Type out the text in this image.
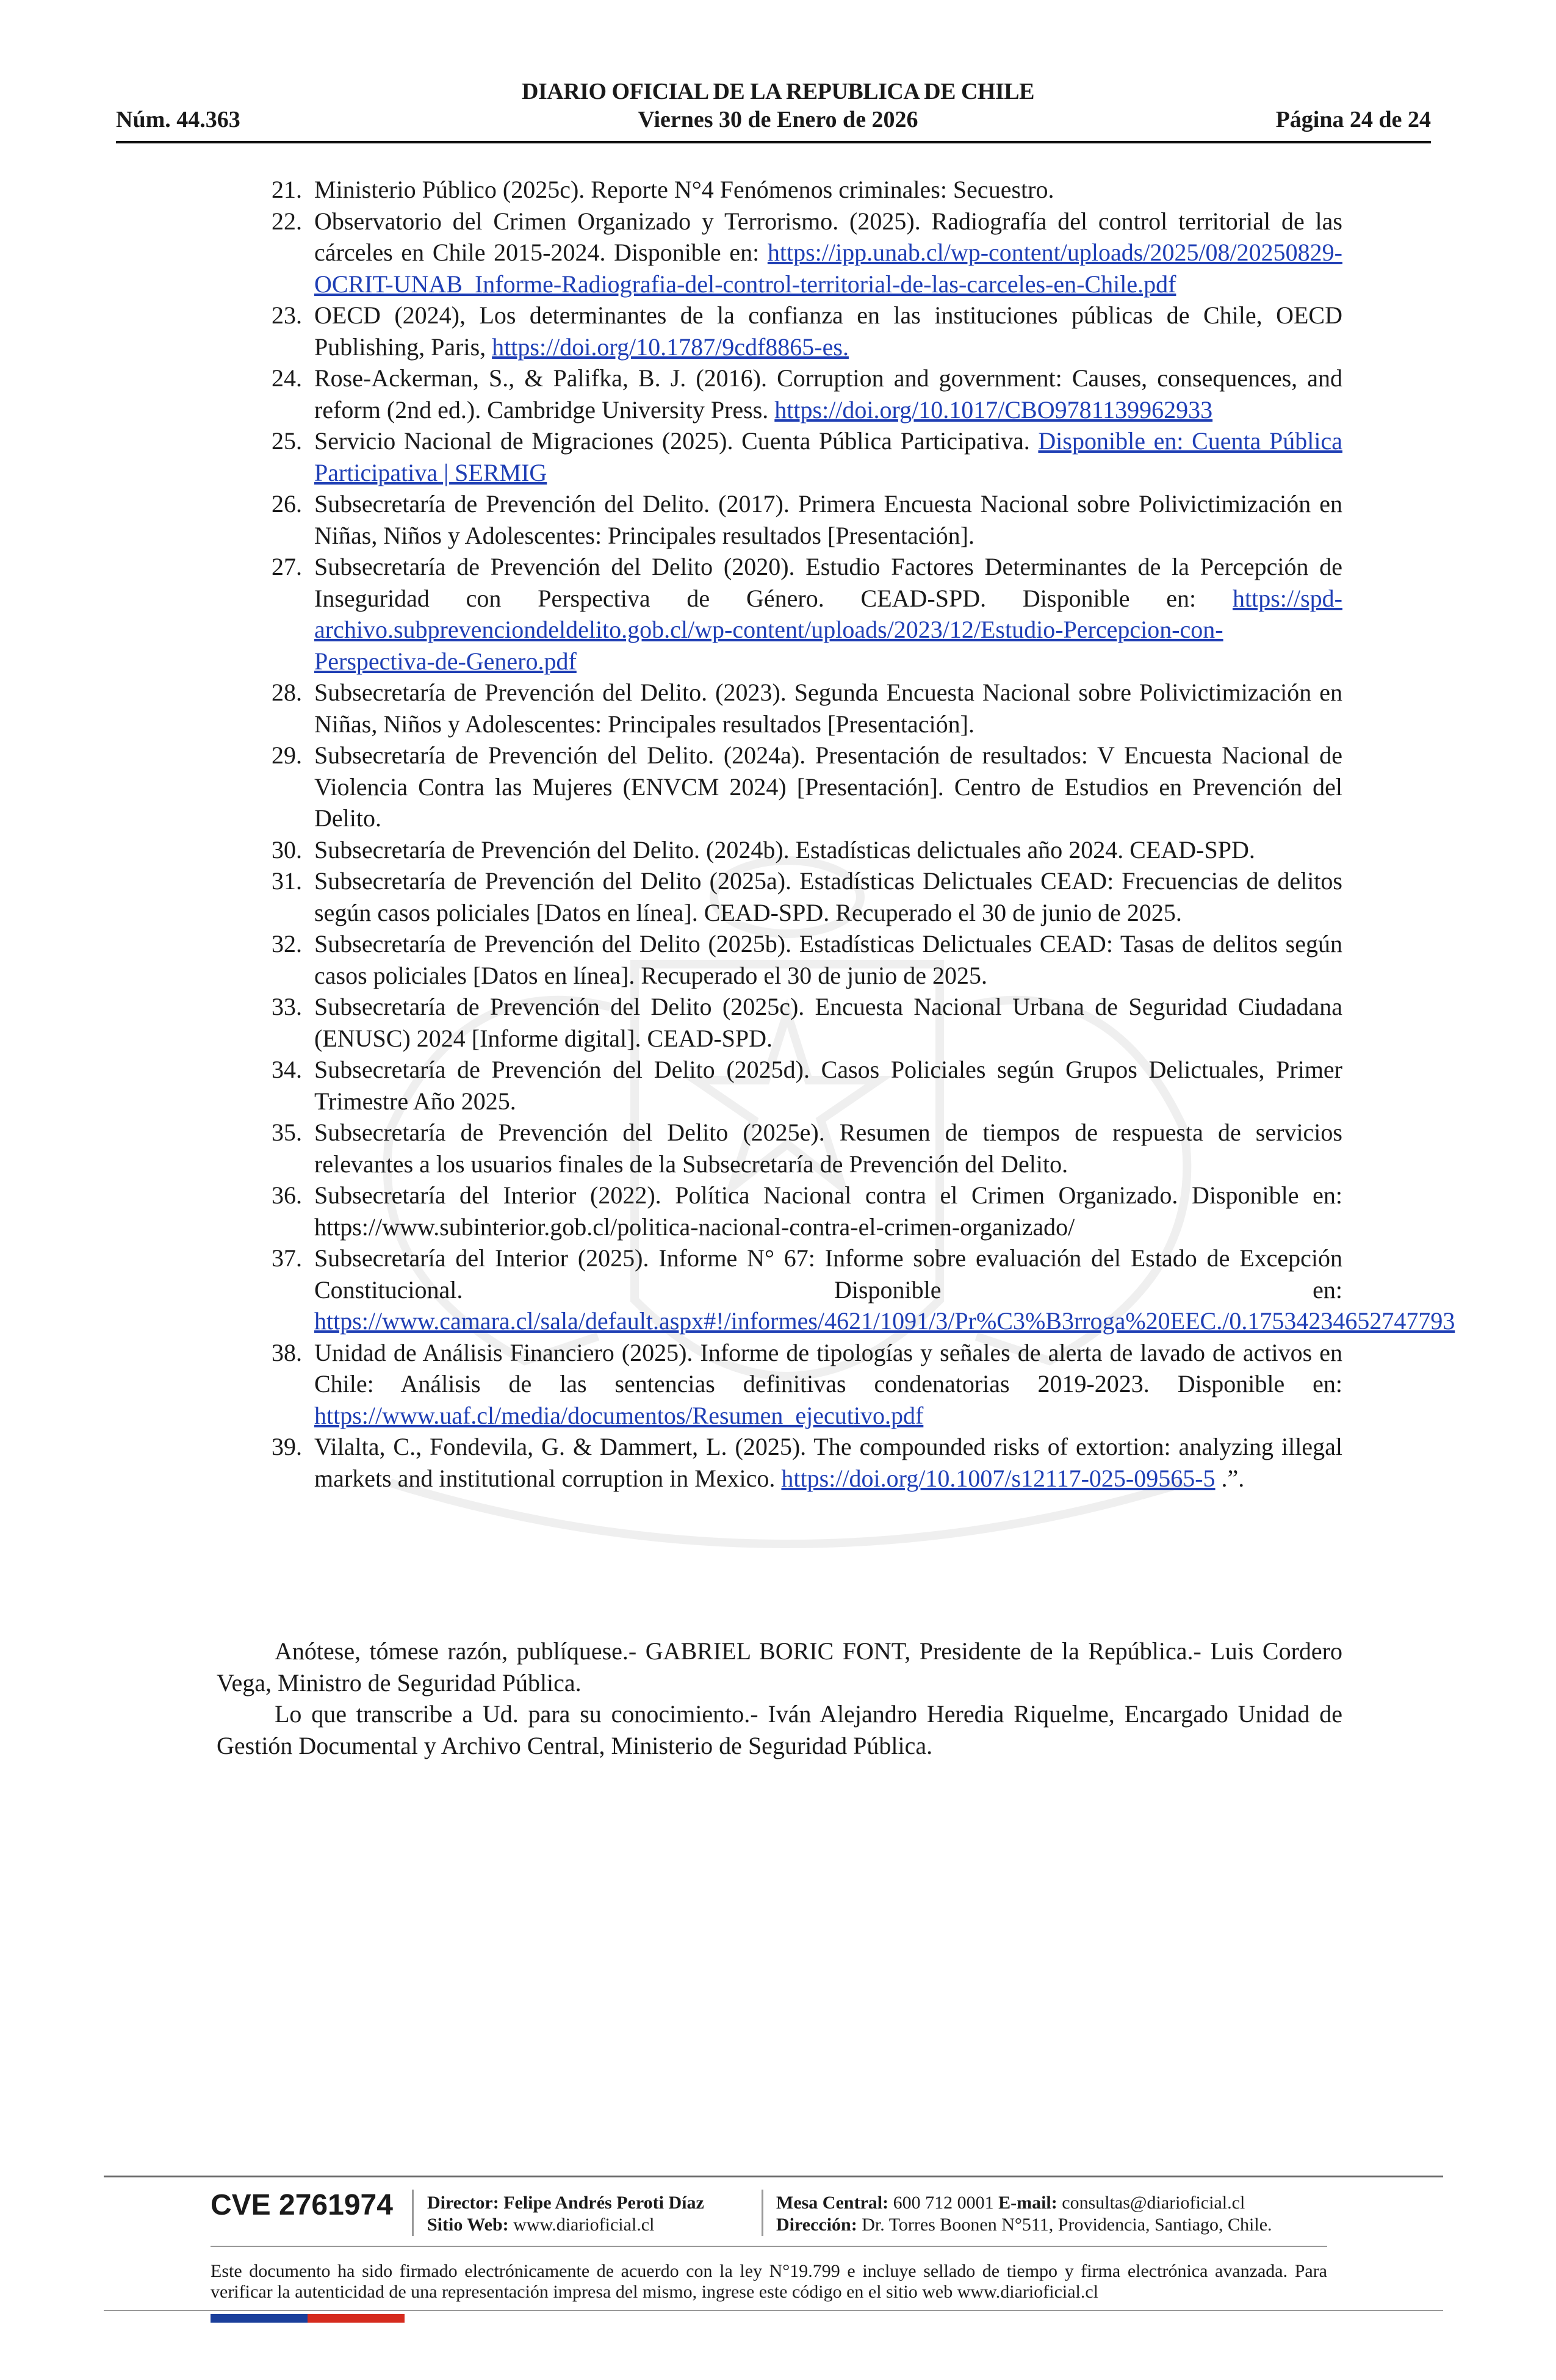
DIARIO OFICIAL DE LA REPUBLICA DE CHILE
Núm. 44.363	Viernes 30 de Enero de 2026	Página 24 de 24
21. Ministerio Público (2025c). Reporte N°4 Fenómenos criminales: Secuestro.
22. Observatorio del Crimen Organizado y Terrorismo. (2025). Radiografía del control territorial de las cárceles en Chile 2015-2024. Disponible en: https://ipp.unab.cl/wp-content/uploads/2025/08/20250829-OCRIT-UNAB_Informe-Radiografia-del-control-territorial-de-las-carceles-en-Chile.pdf
23. OECD (2024), Los determinantes de la confianza en las instituciones públicas de Chile, OECD Publishing, Paris, https://doi.org/10.1787/9cdf8865-es.
24. Rose-Ackerman, S., & Palifka, B. J. (2016). Corruption and government: Causes, consequences, and reform (2nd ed.). Cambridge University Press. https://doi.org/10.1017/CBO9781139962933
25. Servicio Nacional de Migraciones (2025). Cuenta Pública Participativa. Disponible en: Cuenta Pública Participativa | SERMIG
26. Subsecretaría de Prevención del Delito. (2017). Primera Encuesta Nacional sobre Polivictimización en Niñas, Niños y Adolescentes: Principales resultados [Presentación].
27. Subsecretaría de Prevención del Delito (2020). Estudio Factores Determinantes de la Percepción de Inseguridad con Perspectiva de Género. CEAD-SPD. Disponible en: https://spd-archivo.subprevenciondeldelito.gob.cl/wp-content/uploads/2023/12/Estudio-Percepcion-con-Perspectiva-de-Genero.pdf
28. Subsecretaría de Prevención del Delito. (2023). Segunda Encuesta Nacional sobre Polivictimización en Niñas, Niños y Adolescentes: Principales resultados [Presentación].
29. Subsecretaría de Prevención del Delito. (2024a). Presentación de resultados: V Encuesta Nacional de Violencia Contra las Mujeres (ENVCM 2024) [Presentación]. Centro de Estudios en Prevención del Delito.
30. Subsecretaría de Prevención del Delito. (2024b). Estadísticas delictuales año 2024. CEAD-SPD.
31. Subsecretaría de Prevención del Delito (2025a). Estadísticas Delictuales CEAD: Frecuencias de delitos según casos policiales [Datos en línea]. CEAD-SPD. Recuperado el 30 de junio de 2025.
32. Subsecretaría de Prevención del Delito (2025b). Estadísticas Delictuales CEAD: Tasas de delitos según casos policiales [Datos en línea]. Recuperado el 30 de junio de 2025.
33. Subsecretaría de Prevención del Delito (2025c). Encuesta Nacional Urbana de Seguridad Ciudadana (ENUSC) 2024 [Informe digital]. CEAD-SPD.
34. Subsecretaría de Prevención del Delito (2025d). Casos Policiales según Grupos Delictuales, Primer Trimestre Año 2025.
35. Subsecretaría de Prevención del Delito (2025e). Resumen de tiempos de respuesta de servicios relevantes a los usuarios finales de la Subsecretaría de Prevención del Delito.
36. Subsecretaría del Interior (2022). Política Nacional contra el Crimen Organizado. Disponible en: https://www.subinterior.gob.cl/politica-nacional-contra-el-crimen-organizado/
37. Subsecretaría del Interior (2025). Informe N° 67: Informe sobre evaluación del Estado de Excepción Constitucional. Disponible en: https://www.camara.cl/sala/default.aspx#!/informes/4621/1091/3/Pr%C3%B3rroga%20EEC./0.17534234652747793
38. Unidad de Análisis Financiero (2025). Informe de tipologías y señales de alerta de lavado de activos en Chile: Análisis de las sentencias definitivas condenatorias 2019-2023. Disponible en: https://www.uaf.cl/media/documentos/Resumen_ejecutivo.pdf
39. Vilalta, C., Fondevila, G. & Dammert, L. (2025). The compounded risks of extortion: analyzing illegal markets and institutional corruption in Mexico. https://doi.org/10.1007/s12117-025-09565-5 .”.

Anótese, tómese razón, publíquese.- GABRIEL BORIC FONT, Presidente de la República.- Luis Cordero Vega, Ministro de Seguridad Pública.

Lo que transcribe a Ud. para su conocimiento.- Iván Alejandro Heredia Riquelme, Encargado Unidad de Gestión Documental y Archivo Central, Ministerio de Seguridad Pública.

CVE 2761974 Director: Felipe Andrés Peroti Díaz
Sitio Web: www.diarioficial.cl
Mesa Central: 600 712 0001 E-mail: consultas@diarioficial.cl
Dirección: Dr. Torres Boonen N°511, Providencia, Santiago, Chile.
Este documento ha sido firmado electrónicamente de acuerdo con la ley N°19.799 e incluye sellado de tiempo y firma electrónica avanzada. Para verificar la autenticidad de una representación impresa del mismo, ingrese este código en el sitio web www.diarioficial.cl
